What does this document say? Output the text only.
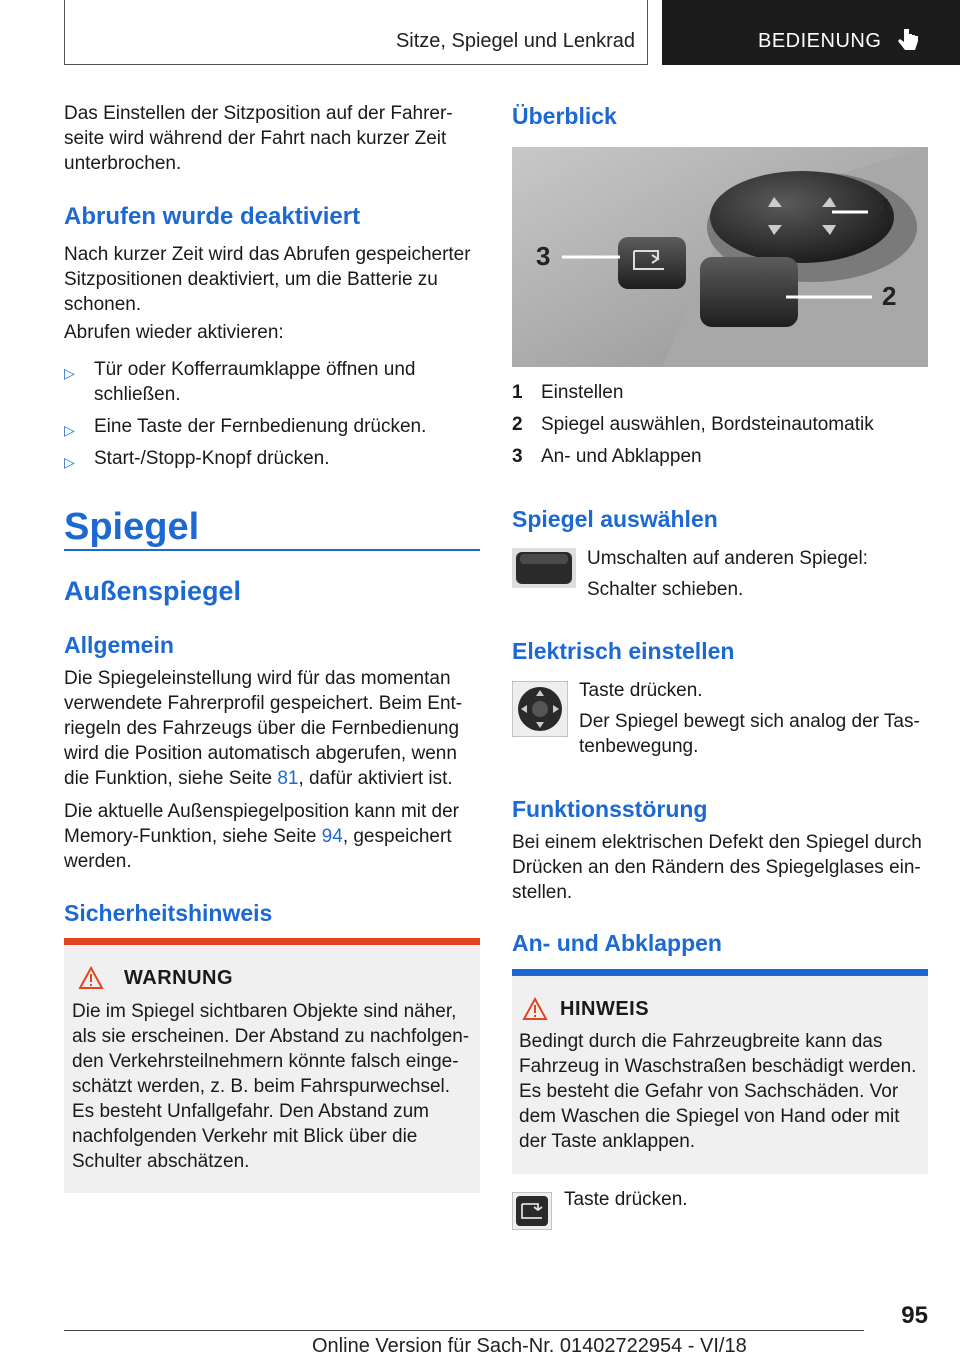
Sitze, Spiegel und Lenkrad	BEDIENUNG

Das Einstellen der Sitzposition auf der Fahrer-
seite wird während der Fahrt nach kurzer Zeit
unterbrochen.

Abrufen wurde deaktiviert

Nach kurzer Zeit wird das Abrufen gespeicherter Sitzpositionen deaktiviert, um die Batterie zu schonen.

Abrufen wieder aktivieren:

▷ Tür oder Kofferraumklappe öffnen und schließen.
▷ Eine Taste der Fernbedienung drücken.
▷ Start-/Stopp-Knopf drücken.
Spiegel
Außenspiegel
Allgemein

Die Spiegeleinstellung wird für das momentan verwendete Fahrerprofil gespeichert. Beim Ent-riegeln des Fahrzeugs über die Fernbedienung wird die Position automatisch abgerufen, wenn die Funktion, siehe Seite 81, dafür aktiviert ist.

Die aktuelle Außenspiegelposition kann mit der Memory-Funktion, siehe Seite 94, gespeichert werden.

Sicherheitshinweis
WARNUNG

Die im Spiegel sichtbaren Objekte sind näher, als sie erscheinen. Der Abstand zu nachfolgen-den Verkehrsteilnehmern könnte falsch einge-schätzt werden, z. B. beim Fahrspurwechsel. Es besteht Unfallgefahr. Den Abstand zum nachfolgenden Verkehr mit Blick über die Schulter abschätzen.

Überblick
3
1
2
1 Einstellen
2 Spiegel auswählen, Bordsteinautomatik
3 An- und Abklappen
Spiegel auswählen

Umschalten auf anderen Spiegel:

Schalter schieben.

Elektrisch einstellen

Taste drücken.

Der Spiegel bewegt sich analog der Tas-tenbewegung.

Funktionsstörung

Bei einem elektrischen Defekt den Spiegel durch Drücken an den Rändern des Spiegelglases ein-stellen.

An- und Abklappen
HINWEIS

Bedingt durch die Fahrzeugbreite kann das Fahrzeug in Waschstraßen beschädigt werden. Es besteht die Gefahr von Sachschäden. Vor dem Waschen die Spiegel von Hand oder mit der Taste anklappen.

Taste drücken.

95
Online Version für Sach-Nr. 01402722954 - VI/18
